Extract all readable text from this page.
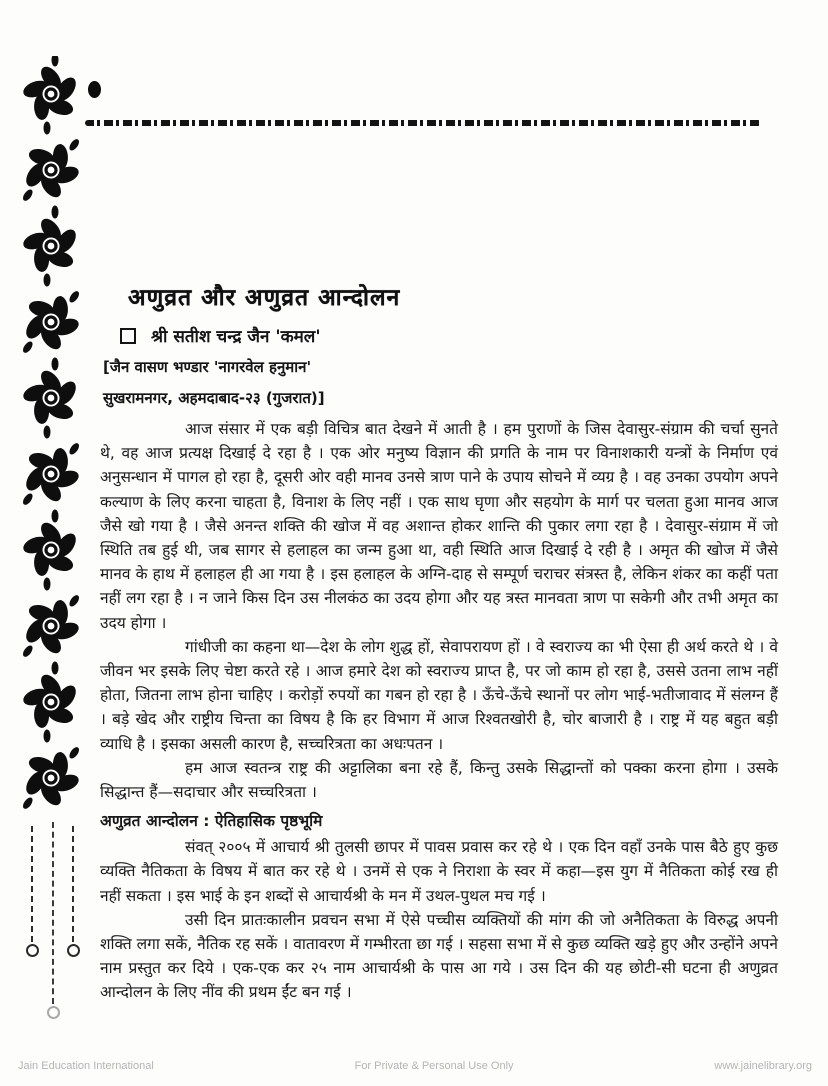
अणुव्रत और अणुव्रत आन्दोलन
श्री सतीश चन्द्र जैन 'कमल'
[जैन वासण भण्डार 'नागरवेल हनुमान'
सुखरामनगर, अहमदाबाद-२३ (गुजरात)]

आज संसार में एक बड़ी विचित्र बात देखने में आती है । हम पुराणों के जिस देवासुर-संग्राम की चर्चा सुनते थे, वह आज प्रत्यक्ष दिखाई दे रहा है । एक ओर मनुष्य विज्ञान की प्रगति के नाम पर विनाशकारी यन्त्रों के निर्माण एवं अनुसन्धान में पागल हो रहा है, दूसरी ओर वही मानव उनसे त्राण पाने के उपाय सोचने में व्यग्र है । वह उनका उपयोग अपने कल्याण के लिए करना चाहता है, विनाश के लिए नहीं । एक साथ घृणा और सहयोग के मार्ग पर चलता हुआ मानव आज जैसे खो गया है । जैसे अनन्त शक्ति की खोज में वह अशान्त होकर शान्ति की पुकार लगा रहा है । देवासुर-संग्राम में जो स्थिति तब हुई थी, जब सागर से हलाहल का जन्म हुआ था, वही स्थिति आज दिखाई दे रही है । अमृत की खोज में जैसे मानव के हाथ में हलाहल ही आ गया है । इस हलाहल के अग्नि-दाह से सम्पूर्ण चराचर संत्रस्त है, लेकिन शंकर का कहीं पता नहीं लग रहा है । न जाने किस दिन उस नीलकंठ का उदय होगा और यह त्रस्त मानवता त्राण पा सकेगी और तभी अमृत का उदय होगा ।

गांधीजी का कहना था—देश के लोग शुद्ध हों, सेवापरायण हों । वे स्वराज्य का भी ऐसा ही अर्थ करते थे । वे जीवन भर इसके लिए चेष्टा करते रहे । आज हमारे देश को स्वराज्य प्राप्त है, पर जो काम हो रहा है, उससे उतना लाभ नहीं होता, जितना लाभ होना चाहिए । करोड़ों रुपयों का गबन हो रहा है । ऊँचे-ऊँचे स्थानों पर लोग भाई-भतीजावाद में संलग्न हैं । बड़े खेद और राष्ट्रीय चिन्ता का विषय है कि हर विभाग में आज रिश्वतखोरी है, चोर बाजारी है । राष्ट्र में यह बहुत बड़ी व्याधि है । इसका असली कारण है, सच्चरित्रता का अधःपतन ।

हम आज स्वतन्त्र राष्ट्र की अट्टालिका बना रहे हैं, किन्तु उसके सिद्धान्तों को पक्का करना होगा । उसके सिद्धान्त हैं—सदाचार और सच्चरित्रता ।

अणुव्रत आन्दोलन : ऐतिहासिक पृष्ठभूमि

संवत् २००५ में आचार्य श्री तुलसी छापर में पावस प्रवास कर रहे थे । एक दिन वहाँ उनके पास बैठे हुए कुछ व्यक्ति नैतिकता के विषय में बात कर रहे थे । उनमें से एक ने निराशा के स्वर में कहा—इस युग में नैतिकता कोई रख ही नहीं सकता । इस भाई के इन शब्दों से आचार्यश्री के मन में उथल-पुथल मच गई ।

उसी दिन प्रातःकालीन प्रवचन सभा में ऐसे पच्चीस व्यक्तियों की मांग की जो अनैतिकता के विरुद्ध अपनी शक्ति लगा सकें, नैतिक रह सकें । वातावरण में गम्भीरता छा गई । सहसा सभा में से कुछ व्यक्ति खड़े हुए और उन्होंने अपने नाम प्रस्तुत कर दिये । एक-एक कर २५ नाम आचार्यश्री के पास आ गये । उस दिन की यह छोटी-सी घटना ही अणुव्रत आन्दोलन के लिए नींव की प्रथम ईंट बन गई ।

Jain Education International	For Private & Personal Use Only	www.jainelibrary.org
